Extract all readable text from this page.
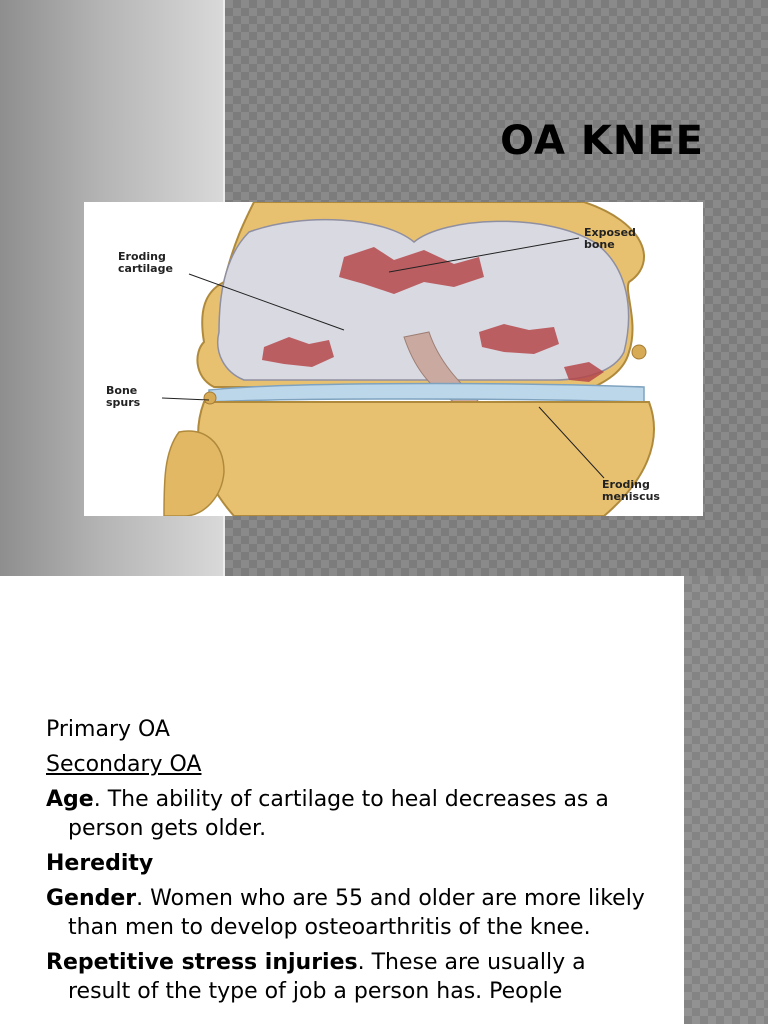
OA KNEE
Eroding
cartilage
Exposed
bone
Bone
spurs
Eroding
meniscus

Primary OA

Secondary OA

Age. The ability of cartilage to heal decreases as a person gets older.

Heredity

Gender. Women who are 55 and older are more likely than men to develop osteoarthritis of the knee.

Repetitive stress injuries. These are usually a result of the type of job a person has. People
